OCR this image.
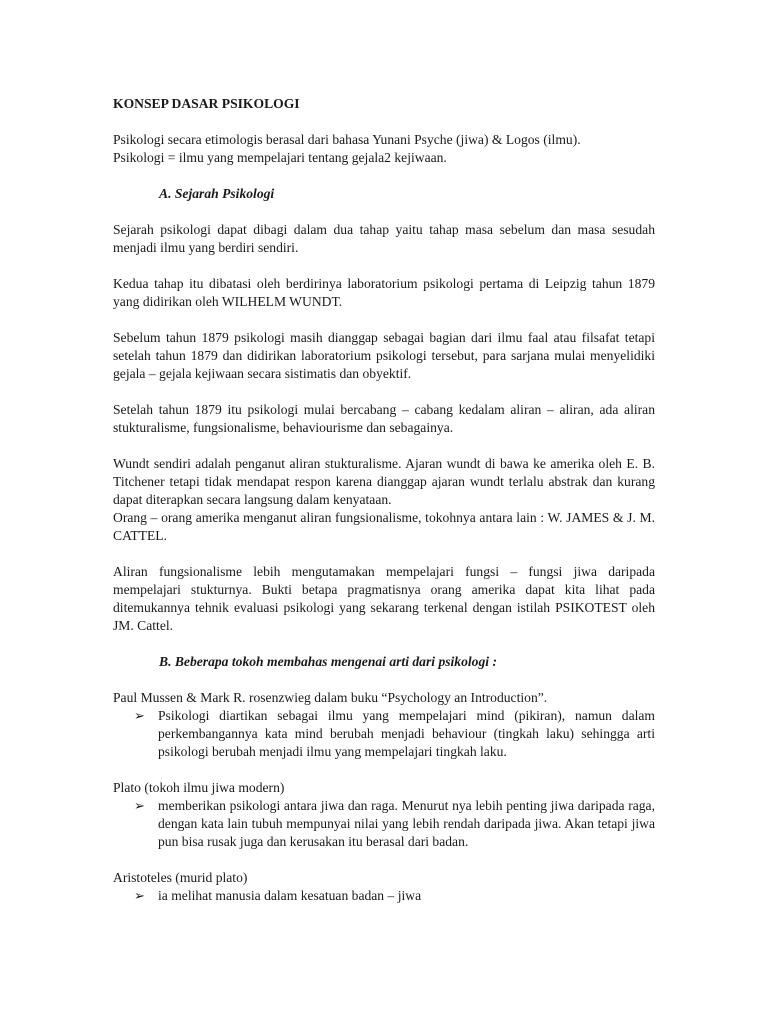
KONSEP DASAR PSIKOLOGI
Psikologi secara etimologis berasal dari bahasa Yunani Psyche (jiwa) & Logos (ilmu).
Psikologi = ilmu yang mempelajari tentang gejala2 kejiwaan.
A. Sejarah Psikologi
Sejarah psikologi dapat dibagi dalam dua tahap yaitu tahap masa sebelum dan masa sesudah menjadi ilmu yang berdiri sendiri.
Kedua tahap itu dibatasi oleh berdirinya laboratorium psikologi pertama di Leipzig tahun 1879 yang didirikan oleh WILHELM WUNDT.
Sebelum tahun 1879 psikologi masih dianggap sebagai bagian dari ilmu faal atau filsafat tetapi setelah tahun 1879 dan didirikan laboratorium psikologi tersebut, para sarjana mulai menyelidiki gejala – gejala kejiwaan secara sistimatis dan obyektif.
Setelah tahun 1879 itu psikologi mulai bercabang – cabang kedalam aliran – aliran, ada aliran stukturalisme, fungsionalisme, behaviourisme dan sebagainya.
Wundt sendiri adalah penganut aliran stukturalisme. Ajaran wundt di bawa ke amerika oleh E. B. Titchener tetapi tidak mendapat respon karena dianggap ajaran wundt terlalu abstrak dan kurang dapat diterapkan secara langsung dalam kenyataan.
Orang – orang amerika menganut aliran fungsionalisme, tokohnya antara lain : W. JAMES & J. M. CATTEL.
Aliran fungsionalisme lebih mengutamakan mempelajari fungsi – fungsi jiwa daripada mempelajari stukturnya. Bukti betapa pragmatisnya orang amerika dapat kita lihat pada ditemukannya tehnik evaluasi psikologi yang sekarang terkenal dengan istilah PSIKOTEST oleh JM. Cattel.
B. Beberapa tokoh membahas mengenai arti dari psikologi :
Paul Mussen & Mark R. rosenzwieg dalam buku “Psychology an Introduction”.
➢ Psikologi diartikan sebagai ilmu yang mempelajari mind (pikiran), namun dalam perkembangannya kata mind berubah menjadi behaviour (tingkah laku) sehingga arti psikologi berubah menjadi ilmu yang mempelajari tingkah laku.
Plato (tokoh ilmu jiwa modern)
➢ memberikan psikologi antara jiwa dan raga. Menurut nya lebih penting jiwa daripada raga, dengan kata lain tubuh mempunyai nilai yang lebih rendah daripada jiwa. Akan tetapi jiwa pun bisa rusak juga dan kerusakan itu berasal dari badan.
Aristoteles (murid plato)
➢ ia melihat manusia dalam kesatuan badan – jiwa
